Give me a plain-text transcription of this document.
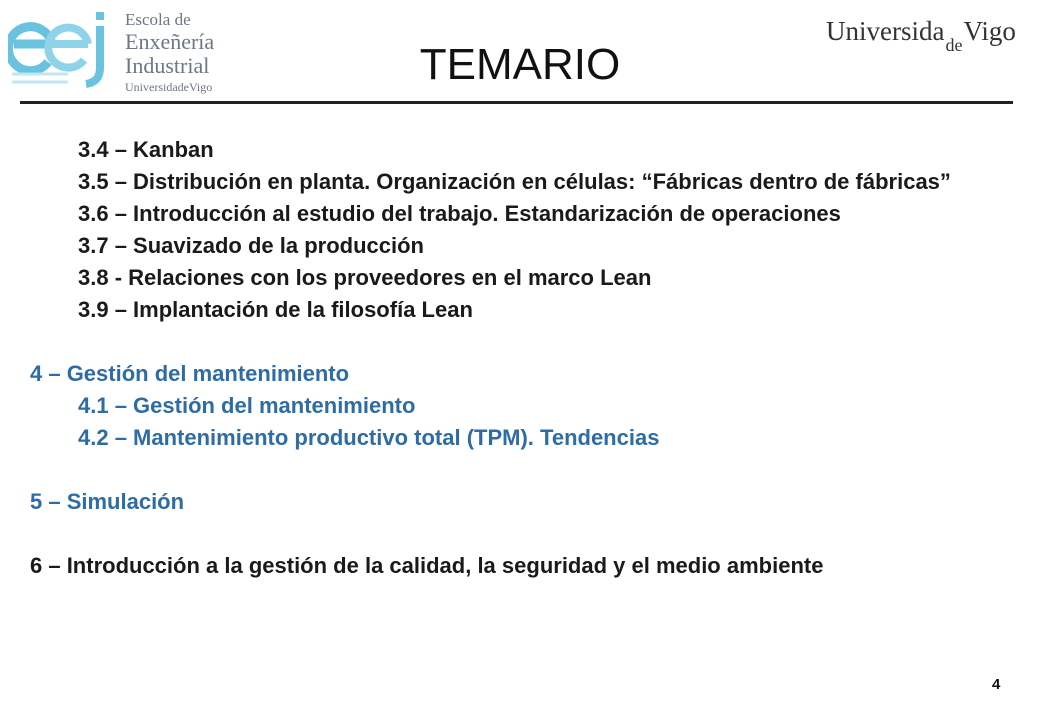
Escola de
Enxeñería
Industrial
UniversidadeVigo
UniversidadeVigo
TEMARIO

3.4 – Kanban

3.5 – Distribución en planta. Organización en células: “Fábricas dentro de fábricas”

3.6 – Introducción al estudio del trabajo. Estandarización de operaciones

3.7 – Suavizado de la producción

3.8 - Relaciones con los proveedores en el marco Lean

3.9 – Implantación de la filosofía Lean

4 – Gestión del mantenimiento

4.1 – Gestión del mantenimiento

4.2 – Mantenimiento productivo total (TPM). Tendencias

5 – Simulación

6 – Introducción a la gestión de la calidad, la seguridad y el medio ambiente

4
